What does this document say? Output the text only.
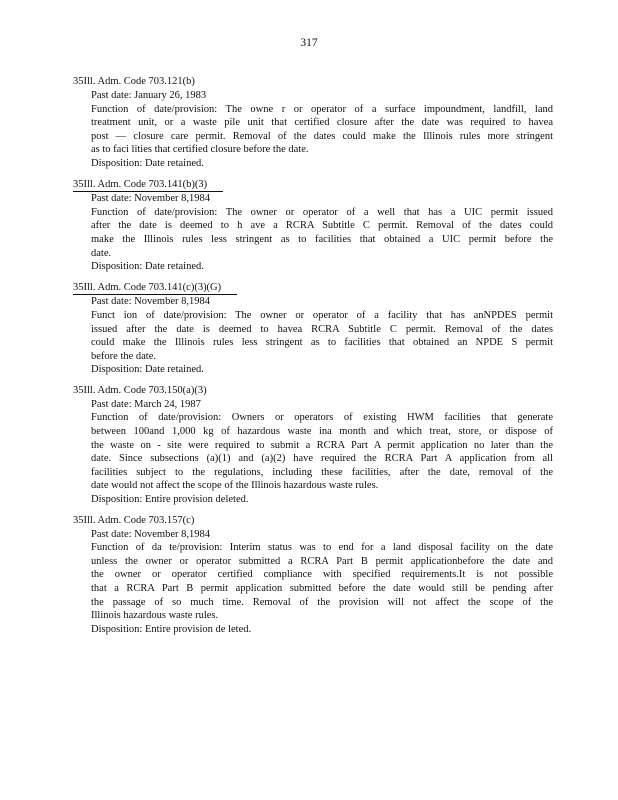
317
35Ill. Adm. Code 703.121(b)
Past date: January 26, 1983
Function of date/provision: The owne r or operator of a surface impoundment, landfill, land
treatment unit, or a waste pile unit that certified closure after the date was required to havea
post — closure care permit. Removal of the dates could make the Illinois rules more stringent
as to faci lities that certified closure before the date.
Disposition: Date retained.
35Ill. Adm. Code 703.141(b)(3)
Past date: November 8,1984
Function of date/provision: The owner or operator of a well that has a UIC permit issued
after the date is deemed to h ave a RCRA Subtitle C permit. Removal of the dates could
make the Illinois rules less stringent as to facilities that obtained a UIC permit before the
date.
Disposition: Date retained.
35Ill. Adm. Code 703.141(c)(3)(G)
Past date: November 8,1984
Funct ion of date/provision: The owner or operator of a facility that has anNPDES permit
issued after the date is deemed to havea RCRA Subtitle C permit. Removal of the dates
could make the Illinois rules less stringent as to facilities that obtained an NPDE S permit
before the date.
Disposition: Date retained.
35Ill. Adm. Code 703.150(a)(3)
Past date: March 24, 1987
Function of date/provision: Owners or operators of existing HWM facilities that generate
between 100and 1,000 kg of hazardous waste ina month and which treat, store, or dispose of
the waste on - site were required to submit a RCRA Part A permit application no later than the
date. Since subsections (a)(1) and (a)(2) have required the RCRA Part A application from all
facilities subject to the regulations, including these facilities, after the date, removal of the
date would not affect the scope of the Illinois hazardous waste rules.
Disposition: Entire provision deleted.
35Ill. Adm. Code 703.157(c)
Past date: November 8,1984
Function of da te/provision: Interim status was to end for a land disposal facility on the date
unless the owner or operator submitted a RCRA Part B permit applicationbefore the date and
the owner or operator certified compliance with specified requirements.It is not possible
that a RCRA Part B permit application submitted before the date would still be pending after
the passage of so much time. Removal of the provision will not affect the scope of the
Illinois hazardous waste rules.
Disposition: Entire provision de leted.
